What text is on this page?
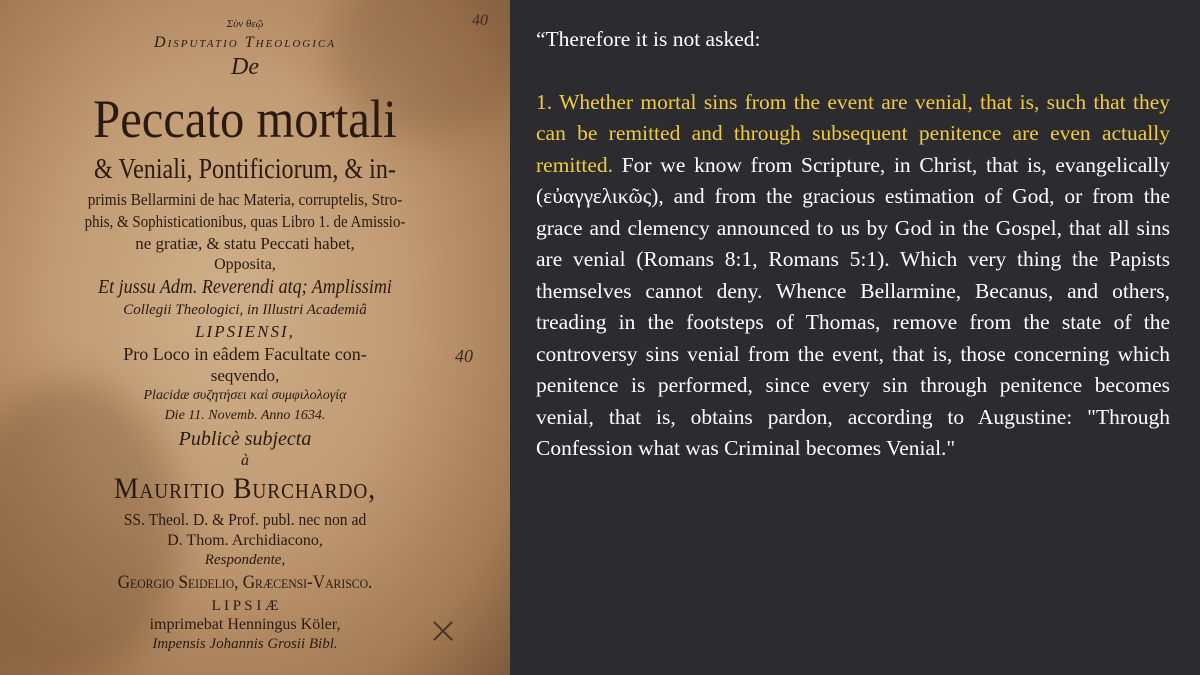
Σὺν θεῷ
Disputatio Theologica
De
Peccato mortali
& Veniali, Pontificiorum, & in-
primis Bellarmini de hac Materia, corruptelis, Stro-
phis, & Sophisticationibus, quas Libro 1. de Amissio-
ne gratiæ, & statu Peccati habet,
Opposita,
Et jussu Adm. Reverendi atq; Amplissimi
Collegii Theologici, in Illustri Academiâ
LIPSIENSI,
Pro Loco in eâdem Facultate con-
seqvendo,
Placidæ συζητήσει καὶ συμφιλολογίᾳ
Die 11. Novemb. Anno 1634.
Publicè subjecta
à
Mauritio Burchardo,
SS. Theol. D. & Prof. publ. nec non ad
D. Thom. Archidiacono,
Respondente,
Georgio Seidelio, Græcensi-Varisco.
L I P S I Æ
imprimebat Henningus Köler,
Impensis Johannis Grosii Bibl.
40
40

“Therefore it is not asked:

1. Whether mortal sins from the event are venial, that is, such that they can be remitted and through subsequent penitence are even actually remitted. For we know from Scripture, in Christ, that is, evangelically (εὐαγγελικῶς), and from the gracious estimation of God, or from the grace and clemency announced to us by God in the Gospel, that all sins are venial (Romans 8:1, Romans 5:1). Which very thing the Papists themselves cannot deny. Whence Bellarmine, Becanus, and others, treading in the footsteps of Thomas, remove from the state of the controversy sins venial from the event, that is, those concerning which penitence is performed, since every sin through penitence becomes venial, that is, obtains pardon, according to Augustine: "Through Confession what was Criminal becomes Venial."
